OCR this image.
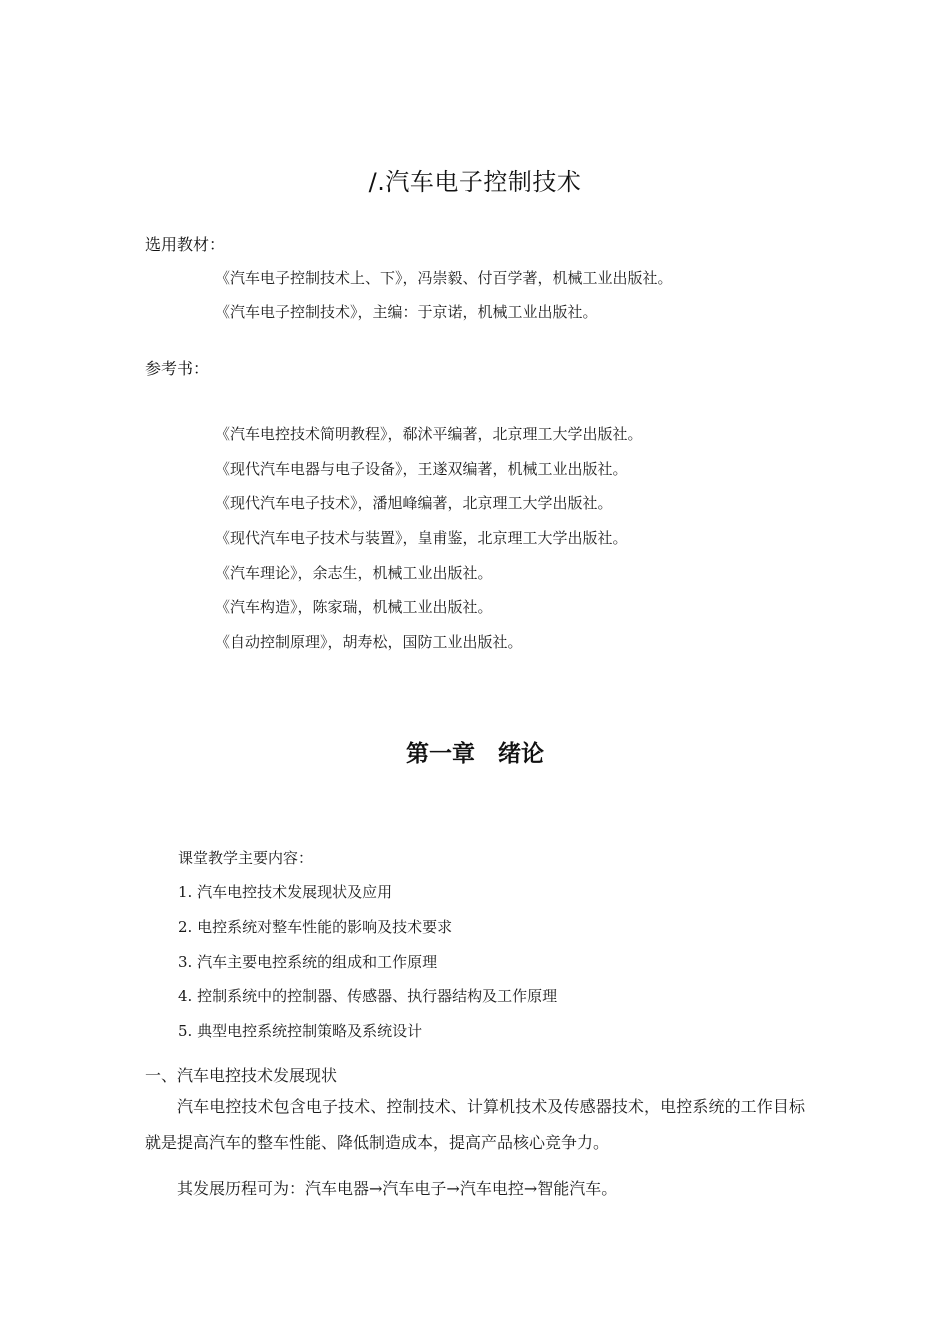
/.汽车电子控制技术
选用教材：
《汽车电子控制技术上、下》，冯崇毅、付百学著，机械工业出版社。
《汽车电子控制技术》，主编：于京诺，机械工业出版社。
参考书：
《汽车电控技术简明教程》，郗沭平编著，北京理工大学出版社。
《现代汽车电器与电子设备》，王遂双编著，机械工业出版社。
《现代汽车电子技术》，潘旭峰编著，北京理工大学出版社。
《现代汽车电子技术与装置》，皇甫鉴，北京理工大学出版社。
《汽车理论》，余志生，机械工业出版社。
《汽车构造》，陈家瑞，机械工业出版社。
《自动控制原理》，胡寿松，国防工业出版社。
第一章　绪论
课堂教学主要内容：
1. 汽车电控技术发展现状及应用
2. 电控系统对整车性能的影响及技术要求
3. 汽车主要电控系统的组成和工作原理
4. 控制系统中的控制器、传感器、执行器结构及工作原理
5. 典型电控系统控制策略及系统设计
一、汽车电控技术发展现状

汽车电控技术包含电子技术、控制技术、计算机技术及传感器技术，电控系统的工作目标就是提高汽车的整车性能、降低制造成本，提高产品核心竞争力。

其发展历程可为：汽车电器→汽车电子→汽车电控→智能汽车。
